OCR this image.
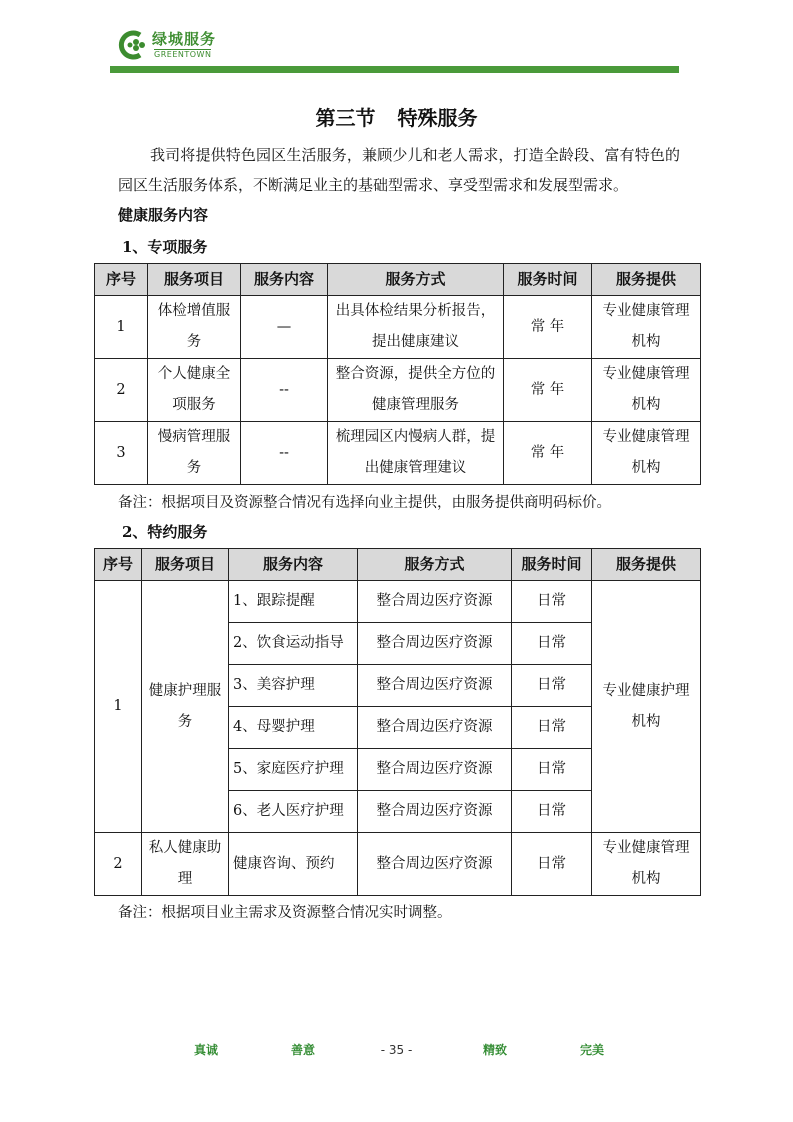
绿城服务
GREENTOWN
第三节 特殊服务
我司将提供特色园区生活服务，兼顾少儿和老人需求，打造全龄段、富有特色的园区生活服务体系，不断满足业主的基础型需求、享受型需求和发展型需求。
健康服务内容
1、专项服务
序号	服务项目	服务内容	服务方式	服务时间	服务提供
1	体检增值服务	—	出具体检结果分析报告，提出健康建议	常 年	专业健康管理机构
2	个人健康全项服务	--	整合资源，提供全方位的健康管理服务	常 年	专业健康管理机构
3	慢病管理服务	--	梳理园区内慢病人群，提出健康管理建议	常 年	专业健康管理机构
备注：根据项目及资源整合情况有选择向业主提供，由服务提供商明码标价。
2、特约服务
序号	服务项目	服务内容	服务方式	服务时间	服务提供
1	健康护理服务	1、跟踪提醒	整合周边医疗资源	日常	专业健康护理机构
		2、饮食运动指导	整合周边医疗资源	日常	
		3、美容护理	整合周边医疗资源	日常	
		4、母婴护理	整合周边医疗资源	日常	
		5、家庭医疗护理	整合周边医疗资源	日常	
		6、老人医疗护理	整合周边医疗资源	日常	
2	私人健康助理	健康咨询、预约	整合周边医疗资源	日常	专业健康管理机构
备注：根据项目业主需求及资源整合情况实时调整。
真诚	善意	- 35 -	精致	完美
